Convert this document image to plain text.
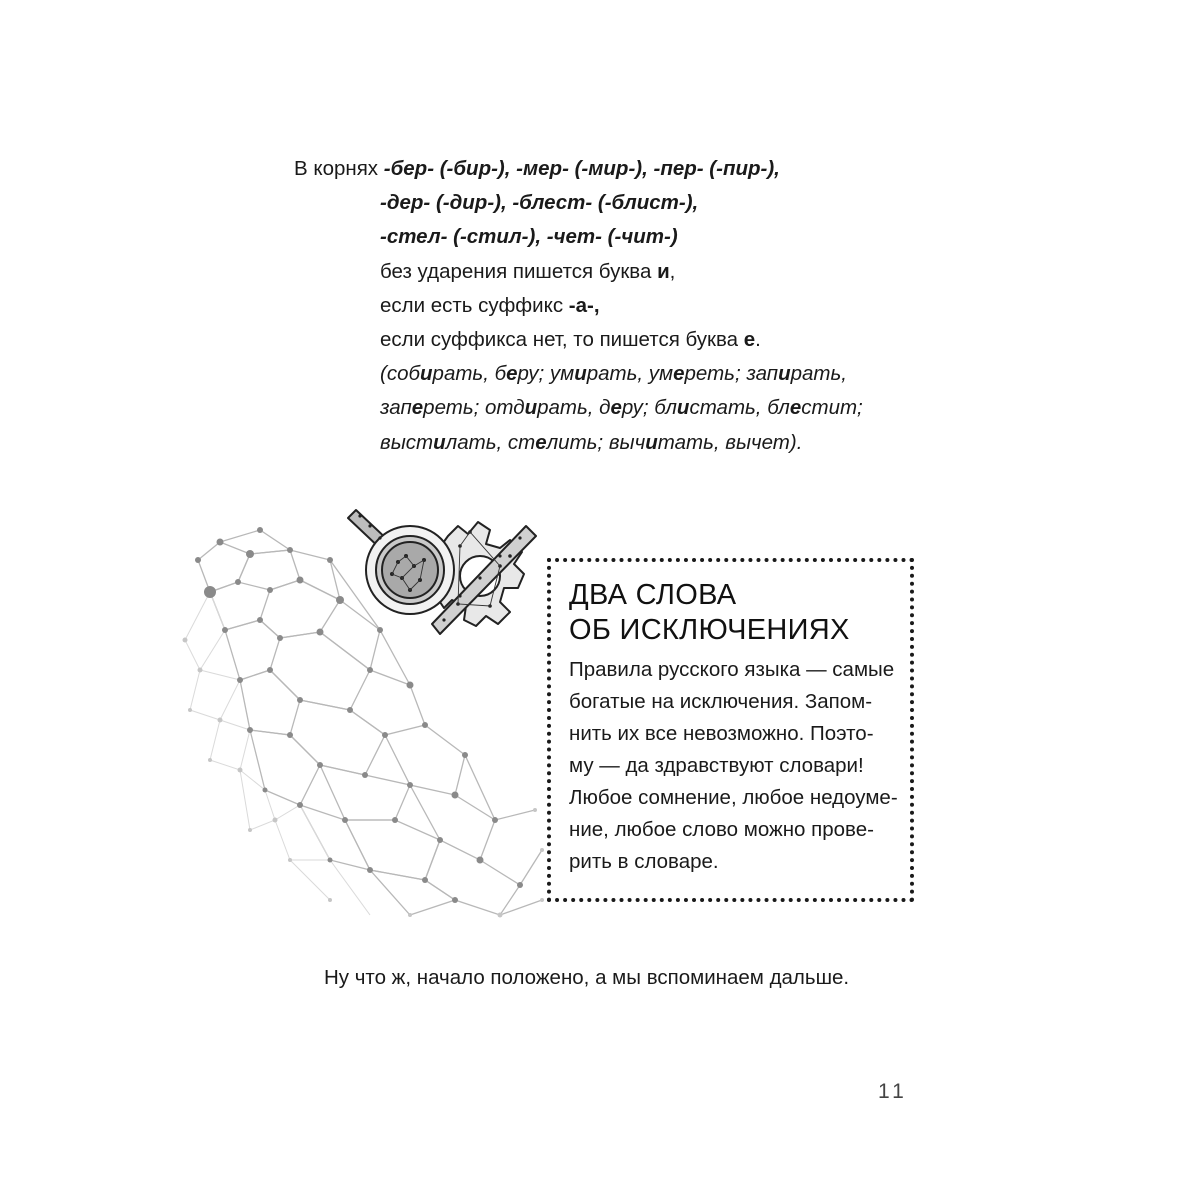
В корнях -бер- (-бир-), -мер- (-мир-), -пер- (-пир-),
-дер- (-дир-), -блест- (-блист-),
-стел- (-стил-), -чет- (-чит-)
без ударения пишется буква и,
если есть суффикс -а-,
если суффикса нет, то пишется буква е.
(собирать, беру; умирать, умереть; запирать,
запереть; отдирать, деру; блистать, блестит;
выстилать, стелить; вычитать, вычет).
ДВА СЛОВА
ОБ ИСКЛЮЧЕНИЯХ
Правила русского языка — самые
богатые на исключения. Запом-
нить их все невозможно. Поэто-
му — да здравствуют словари!
Любое сомнение, любое недоуме-
ние, любое слово можно прове-
рить в словаре.
Ну что ж, начало положено, а мы вспоминаем дальше.
11
